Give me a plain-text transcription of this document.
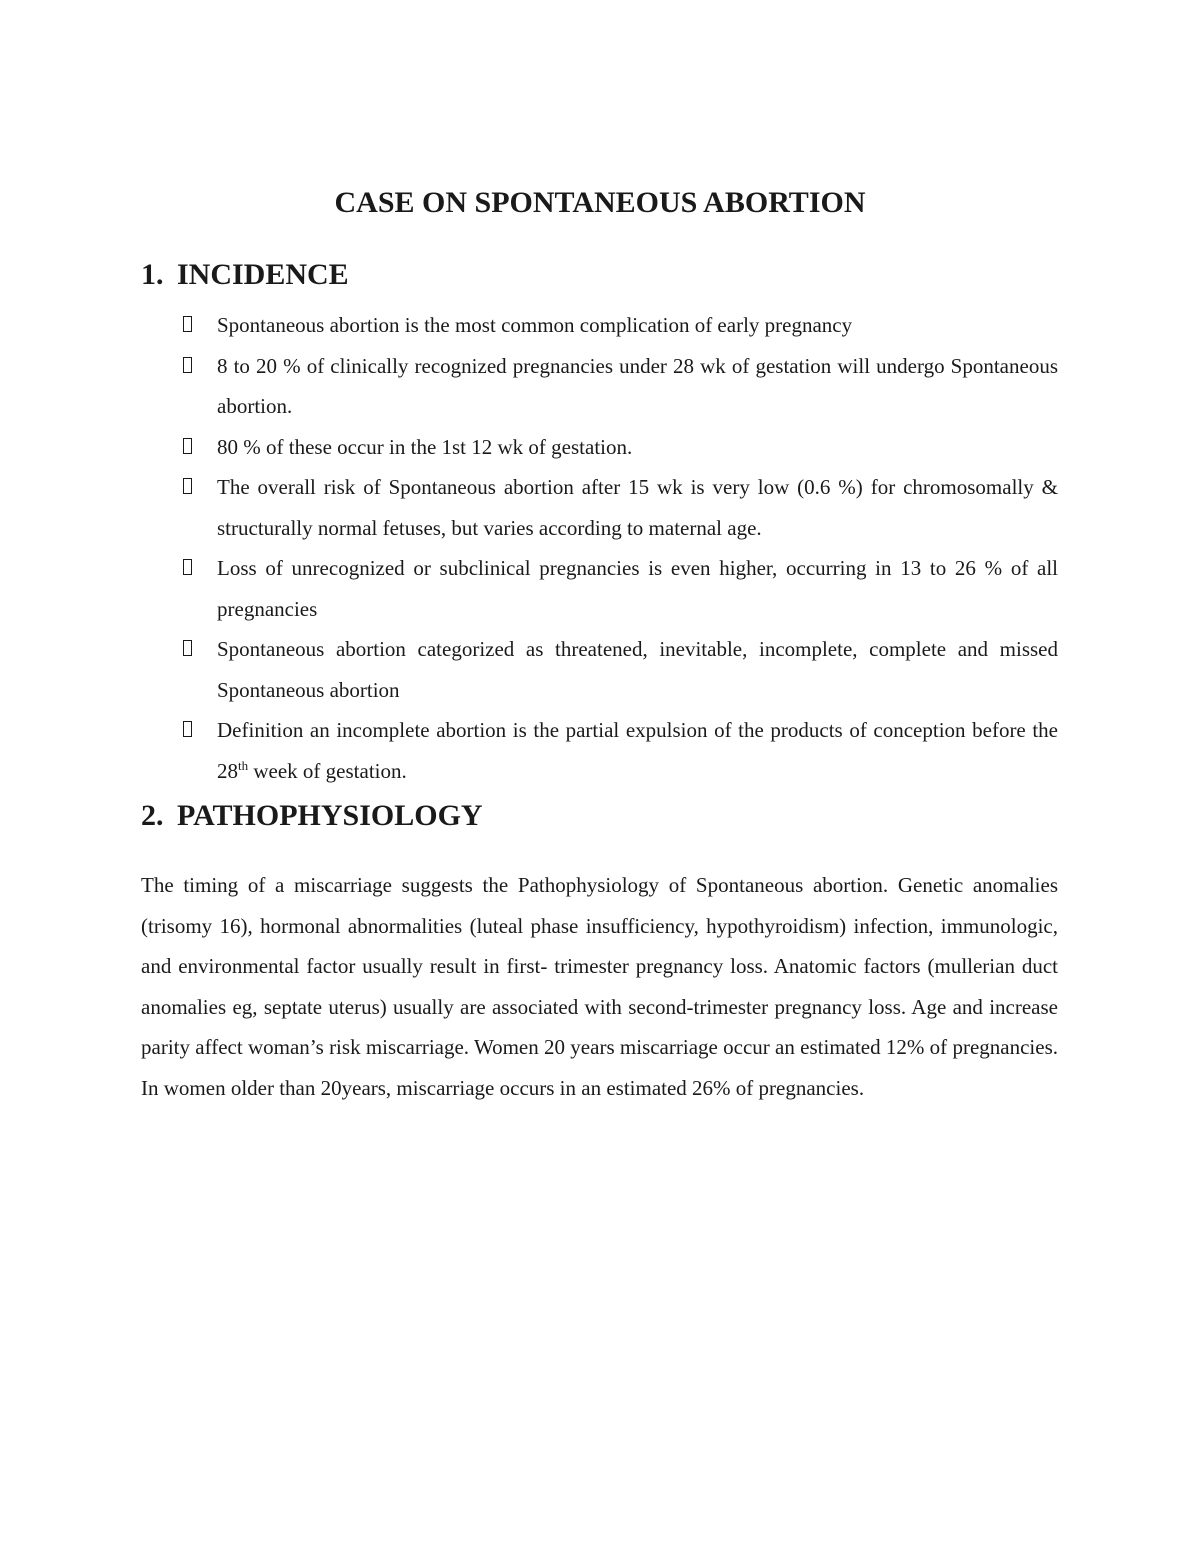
CASE ON SPONTANEOUS ABORTION
1. INCIDENCE
Spontaneous abortion is the most common complication of early pregnancy
8 to 20 % of clinically recognized pregnancies under 28 wk of gestation will undergo Spontaneous abortion.
80 % of these occur in the 1st 12 wk of gestation.
The overall risk of Spontaneous abortion after 15 wk is very low (0.6 %) for chromosomally & structurally normal fetuses, but varies according to maternal age.
Loss of unrecognized or subclinical pregnancies is even higher, occurring in 13 to 26 % of all pregnancies
Spontaneous abortion categorized as threatened, inevitable, incomplete, complete and missed Spontaneous abortion
Definition an incomplete abortion is the partial expulsion of the products of conception before the 28th week of gestation.
2. PATHOPHYSIOLOGY

The timing of a miscarriage suggests the Pathophysiology of Spontaneous abortion. Genetic anomalies (trisomy 16), hormonal abnormalities (luteal phase insufficiency, hypothyroidism) infection, immunologic, and environmental factor usually result in first- trimester pregnancy loss. Anatomic factors (mullerian duct anomalies eg, septate uterus) usually are associated with second-trimester pregnancy loss. Age and increase parity affect woman’s risk miscarriage. Women 20 years miscarriage occur an estimated 12% of pregnancies. In women older than 20years, miscarriage occurs in an estimated 26% of pregnancies.
